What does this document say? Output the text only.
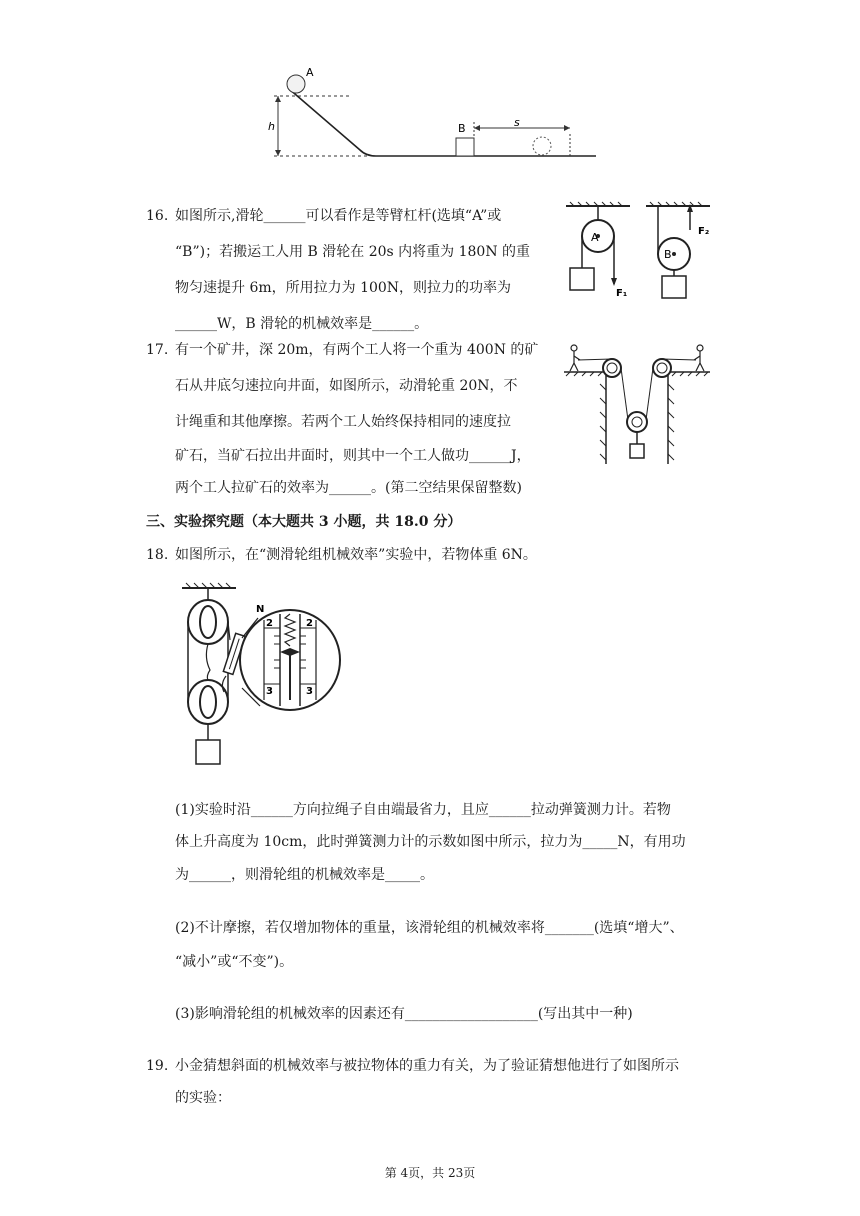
h
A
B	s
16. 如图所示,滑轮______可以看作是等臂杠杆(选填“A”或
“B”)；若搬运工人用 B 滑轮在 20s 内将重为 180N 的重
物匀速提升 6m，所用拉力为 100N，则拉力的功率为
______W，B 滑轮的机械效率是______。
A
F₁
F₂
B
17. 有一个矿井，深 20m，有两个工人将一个重为 400N 的矿
石从井底匀速拉向井面，如图所示，动滑轮重 20N，不
计绳重和其他摩擦。若两个工人始终保持相同的速度拉
矿石，当矿石拉出井面时，则其中一个工人做功______J，
两个工人拉矿石的效率为______。(第二空结果保留整数)
三、实验探究题（本大题共 3 小题，共 18.0 分）
18. 如图所示，在“测滑轮组机械效率”实验中，若物体重 6N。
N
2	2
3	3
(1)实验时沿______方向拉绳子自由端最省力，且应______拉动弹簧测力计。若物
体上升高度为 10cm，此时弹簧测力计的示数如图中所示，拉力为_____N，有用功
为______，则滑轮组的机械效率是_____。
(2)不计摩擦，若仅增加物体的重量，该滑轮组的机械效率将_______(选填“增大”、
“减小”或“不变”)。
(3)影响滑轮组的机械效率的因素还有___________________(写出其中一种)
19. 小金猜想斜面的机械效率与被拉物体的重力有关，为了验证猜想他进行了如图所示
的实验：
第 4页，共 23页
